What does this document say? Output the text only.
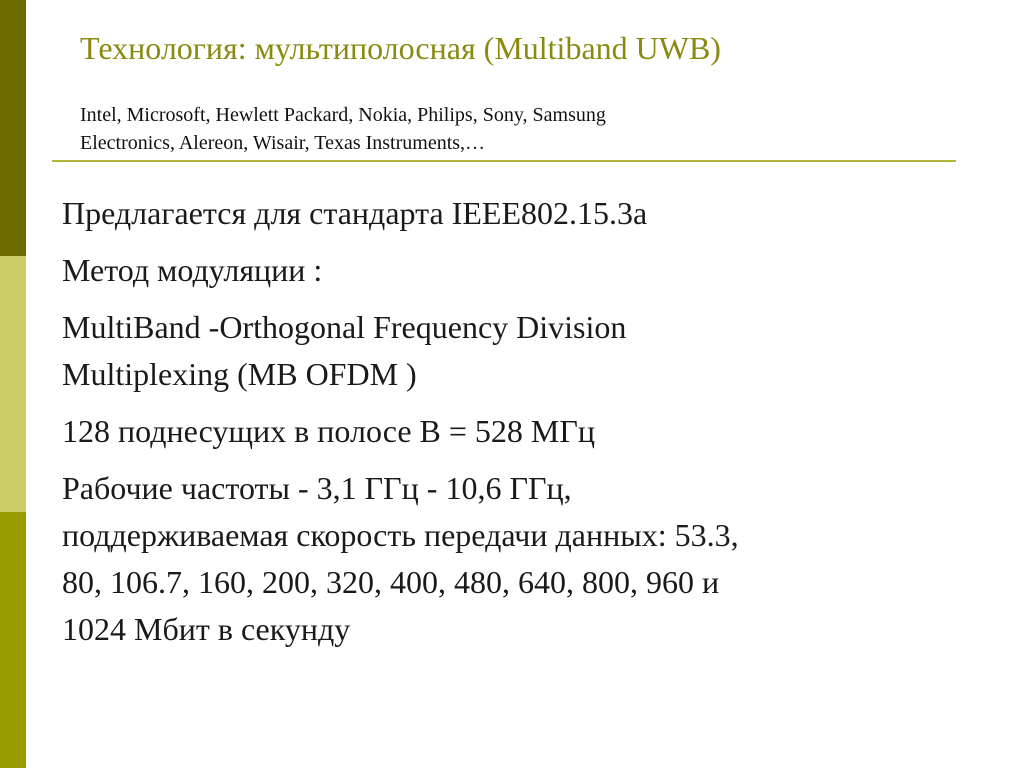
Технология: мультиполосная (Multiband UWB)
Intel, Microsoft, Hewlett Packard, Nokia, Philips, Sony, Samsung
Electronics, Alereon, Wisair, Texas Instruments,…
Предлагается для стандарта IEEE802.15.3a
Метод модуляции :
MultiBand -Orthogonal Frequency Division
Multiplexing (MB OFDM )
128 поднесущих в полосе B = 528 МГц
Рабочие частоты - 3,1 ГГц - 10,6 ГГц,
поддерживаемая скорость передачи данных: 53.3,
80, 106.7, 160, 200, 320, 400, 480, 640, 800, 960 и
1024 Мбит в секунду
